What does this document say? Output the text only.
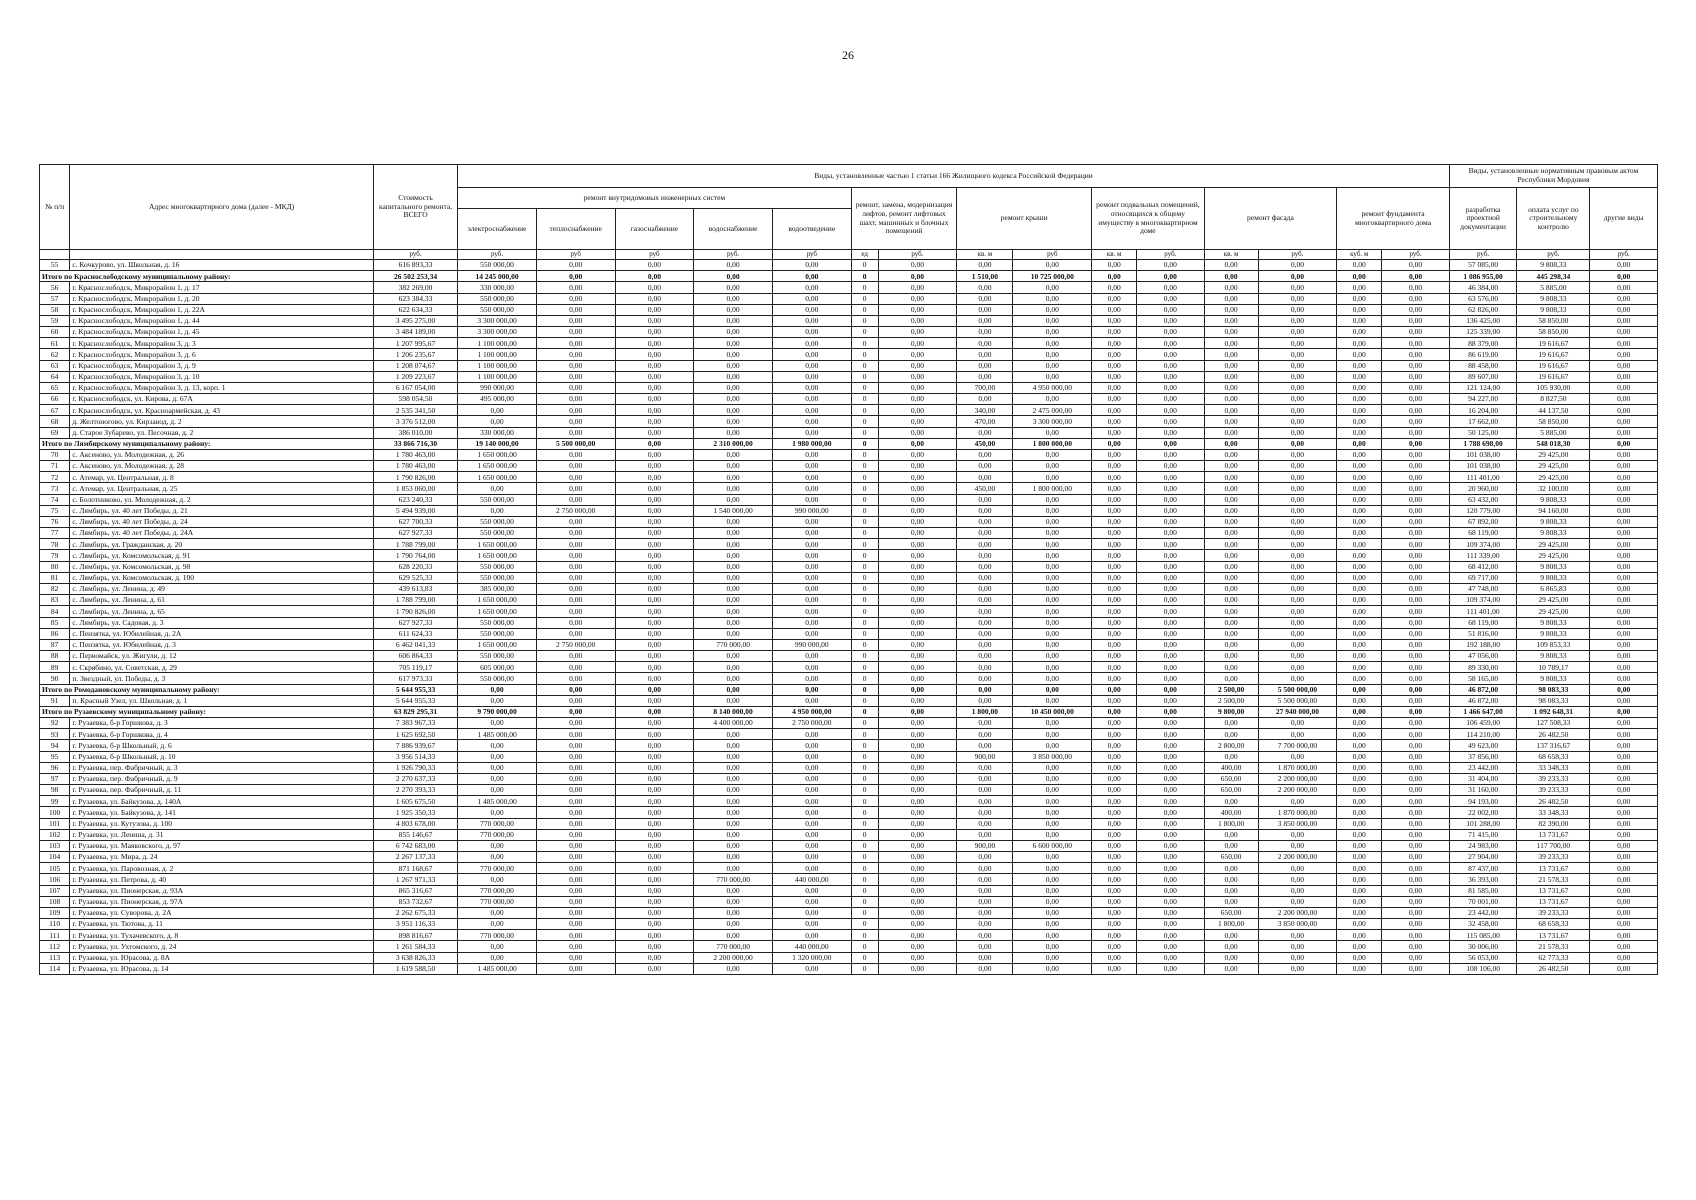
26
№ п/п	Адрес многоквартирного дома (далее - МКД)	Стоимость капитального ремонта, ВСЕГО	Виды, установленные частью 1 статьи 166 Жилищного кодекса Российской Федерации															Виды, установленные нормативным правовым актом Республики Мордовия		
			ремонт внутридомовых инженерных систем					ремонт, замена, модернизация лифтов, ремонт лифтовых шахт, машинных и блочных помещений		ремонт крыши		ремонт подвальных помещений, относящихся к общему имуществу в многоквартирном доме		ремонт фасада		ремонт фундамента многоквартирного дома		разработка проектной документации	оплата услуг по строительному контролю	другие виды
			электроснабжение	теплоснабжение	газоснабжение	водоснабжение	водоотведение													
		руб.	руб.	руб	руб	руб.	руб	ед	руб.	кв. м	руб	кв. м	руб.	кв. м	руб.	куб. м	руб.	руб.	руб.	руб.
55	с. Кочкурово, ул. Школьная, д. 16	616 893,33	550 000,00	0,00	0,00	0,00	0,00	0	0,00	0,00	0,00	0,00	0,00	0,00	0,00	0,00	0,00	57 085,00	9 808,33	0,00
Итого по Краснослободскому муниципальному району:		26 502 253,34	14 245 000,00	0,00	0,00	0,00	0,00	0	0,00	1 510,00	10 725 000,00	0,00	0,00	0,00	0,00	0,00	0,00	1 086 955,00	445 298,34	0,00
56	г. Краснослободск, Микрорайон 1, д. 17	382 269,00	330 000,00	0,00	0,00	0,00	0,00	0	0,00	0,00	0,00	0,00	0,00	0,00	0,00	0,00	0,00	46 384,00	5 885,00	0,00
57	г. Краснослободск, Микрорайон 1, д. 20	623 384,33	550 000,00	0,00	0,00	0,00	0,00	0	0,00	0,00	0,00	0,00	0,00	0,00	0,00	0,00	0,00	63 576,00	9 808,33	0,00
58	г. Краснослободск, Микрорайон 1, д. 22А	622 634,33	550 000,00	0,00	0,00	0,00	0,00	0	0,00	0,00	0,00	0,00	0,00	0,00	0,00	0,00	0,00	62 826,00	9 808,33	0,00
59	г. Краснослободск, Микрорайон 1, д. 44	3 495 275,00	3 300 000,00	0,00	0,00	0,00	0,00	0	0,00	0,00	0,00	0,00	0,00	0,00	0,00	0,00	0,00	136 425,00	58 850,00	0,00
60	г. Краснослободск, Микрорайон 1, д. 45	3 484 189,00	3 300 000,00	0,00	0,00	0,00	0,00	0	0,00	0,00	0,00	0,00	0,00	0,00	0,00	0,00	0,00	125 339,00	58 850,00	0,00
61	г. Краснослободск, Микрорайон 3, д. 3	1 207 995,67	1 100 000,00	0,00	0,00	0,00	0,00	0	0,00	0,00	0,00	0,00	0,00	0,00	0,00	0,00	0,00	88 379,00	19 616,67	0,00
62	г. Краснослободск, Микрорайон 3, д. 6	1 206 235,67	1 100 000,00	0,00	0,00	0,00	0,00	0	0,00	0,00	0,00	0,00	0,00	0,00	0,00	0,00	0,00	86 619,00	19 616,67	0,00
63	г. Краснослободск, Микрорайон 3, д. 9	1 208 074,67	1 100 000,00	0,00	0,00	0,00	0,00	0	0,00	0,00	0,00	0,00	0,00	0,00	0,00	0,00	0,00	88 458,00	19 616,67	0,00
64	г. Краснослободск, Микрорайон 3, д. 10	1 209 223,67	1 100 000,00	0,00	0,00	0,00	0,00	0	0,00	0,00	0,00	0,00	0,00	0,00	0,00	0,00	0,00	89 607,00	19 616,67	0,00
65	г. Краснослободск, Микрорайон 3, д. 13, корп. 1	6 167 054,00	990 000,00	0,00	0,00	0,00	0,00	0	0,00	700,00	4 950 000,00	0,00	0,00	0,00	0,00	0,00	0,00	121 124,00	105 930,00	0,00
66	г. Краснослободск, ул. Кирова, д. 67А	598 054,50	495 000,00	0,00	0,00	0,00	0,00	0	0,00	0,00	0,00	0,00	0,00	0,00	0,00	0,00	0,00	94 227,00	8 827,50	0,00
67	г. Краснослободск, ул. Красноармейская, д. 43	2 535 341,50	0,00	0,00	0,00	0,00	0,00	0	0,00	340,00	2 475 000,00	0,00	0,00	0,00	0,00	0,00	0,00	16 204,00	44 137,50	0,00
68	д. Желтоногово, ул. Кирзавод, д. 2	3 376 512,00	0,00	0,00	0,00	0,00	0,00	0	0,00	470,00	3 300 000,00	0,00	0,00	0,00	0,00	0,00	0,00	17 662,00	58 850,00	0,00
69	д. Старое Зубарево, ул. Песочная, д. 2	386 010,00	330 000,00	0,00	0,00	0,00	0,00	0	0,00	0,00	0,00	0,00	0,00	0,00	0,00	0,00	0,00	50 125,00	5 885,00	0,00
Итого по Лямбирскому муниципальному району:		33 866 716,30	19 140 000,00	5 500 000,00	0,00	2 310 000,00	1 980 000,00	0	0,00	450,00	1 800 000,00	0,00	0,00	0,00	0,00	0,00	0,00	1 788 698,00	548 018,30	0,00
70	с. Аксеново, ул. Молодежная, д. 26	1 780 463,00	1 650 000,00	0,00	0,00	0,00	0,00	0	0,00	0,00	0,00	0,00	0,00	0,00	0,00	0,00	0,00	101 038,00	29 425,00	0,00
71	с. Аксеново, ул. Молодежная, д. 28	1 780 463,00	1 650 000,00	0,00	0,00	0,00	0,00	0	0,00	0,00	0,00	0,00	0,00	0,00	0,00	0,00	0,00	101 038,00	29 425,00	0,00
72	с. Атемар, ул. Центральная, д. 8	1 790 826,00	1 650 000,00	0,00	0,00	0,00	0,00	0	0,00	0,00	0,00	0,00	0,00	0,00	0,00	0,00	0,00	111 401,00	29 425,00	0,00
73	с. Атемар, ул. Центральная, д. 25	1 853 060,00	0,00	0,00	0,00	0,00	0,00	0	0,00	450,00	1 800 000,00	0,00	0,00	0,00	0,00	0,00	0,00	20 960,00	32 100,00	0,00
74	с. Болотниково, ул. Молодежная, д. 2	623 240,33	550 000,00	0,00	0,00	0,00	0,00	0	0,00	0,00	0,00	0,00	0,00	0,00	0,00	0,00	0,00	63 432,00	9 808,33	0,00
75	с. Лямбирь, ул. 40 лет Победы, д. 21	5 494 939,00	0,00	2 750 000,00	0,00	1 540 000,00	990 000,00	0	0,00	0,00	0,00	0,00	0,00	0,00	0,00	0,00	0,00	120 779,00	94 160,00	0,00
76	с. Лямбирь, ул. 40 лет Победы, д. 24	627 700,33	550 000,00	0,00	0,00	0,00	0,00	0	0,00	0,00	0,00	0,00	0,00	0,00	0,00	0,00	0,00	67 892,00	9 808,33	0,00
77	с. Лямбирь, ул. 40 лет Победы, д. 24А	627 927,33	550 000,00	0,00	0,00	0,00	0,00	0	0,00	0,00	0,00	0,00	0,00	0,00	0,00	0,00	0,00	68 119,00	9 808,33	0,00
78	с. Лямбирь, ул. Гражданская, д. 20	1 788 799,00	1 650 000,00	0,00	0,00	0,00	0,00	0	0,00	0,00	0,00	0,00	0,00	0,00	0,00	0,00	0,00	109 374,00	29 425,00	0,00
79	с. Лямбирь, ул. Комсомольская, д. 91	1 790 764,00	1 650 000,00	0,00	0,00	0,00	0,00	0	0,00	0,00	0,00	0,00	0,00	0,00	0,00	0,00	0,00	111 339,00	29 425,00	0,00
80	с. Лямбирь, ул. Комсомольская, д. 98	628 220,33	550 000,00	0,00	0,00	0,00	0,00	0	0,00	0,00	0,00	0,00	0,00	0,00	0,00	0,00	0,00	68 412,00	9 808,33	0,00
81	с. Лямбирь, ул. Комсомольская, д. 100	629 525,33	550 000,00	0,00	0,00	0,00	0,00	0	0,00	0,00	0,00	0,00	0,00	0,00	0,00	0,00	0,00	69 717,00	9 808,33	0,00
82	с. Лямбирь, ул. Ленина, д. 49	439 613,83	385 000,00	0,00	0,00	0,00	0,00	0	0,00	0,00	0,00	0,00	0,00	0,00	0,00	0,00	0,00	47 748,00	6 865,83	0,00
83	с. Лямбирь, ул. Ленина, д. 61	1 788 799,00	1 650 000,00	0,00	0,00	0,00	0,00	0	0,00	0,00	0,00	0,00	0,00	0,00	0,00	0,00	0,00	109 374,00	29 425,00	0,00
84	с. Лямбирь, ул. Ленина, д. 65	1 790 826,00	1 650 000,00	0,00	0,00	0,00	0,00	0	0,00	0,00	0,00	0,00	0,00	0,00	0,00	0,00	0,00	111 401,00	29 425,00	0,00
85	с. Лямбирь, ул. Садовая, д. 3	627 927,33	550 000,00	0,00	0,00	0,00	0,00	0	0,00	0,00	0,00	0,00	0,00	0,00	0,00	0,00	0,00	68 119,00	9 808,33	0,00
86	с. Пензятка, ул. Юбилейная, д. 2А	611 624,33	550 000,00	0,00	0,00	0,00	0,00	0	0,00	0,00	0,00	0,00	0,00	0,00	0,00	0,00	0,00	51 816,00	9 808,33	0,00
87	с. Пензятка, ул. Юбилейная, д. 3	6 462 041,33	1 650 000,00	2 750 000,00	0,00	770 000,00	990 000,00	0	0,00	0,00	0,00	0,00	0,00	0,00	0,00	0,00	0,00	192 188,00	109 853,33	0,00
88	с. Первомайск, ул. Жигули, д. 12	606 864,33	550 000,00	0,00	0,00	0,00	0,00	0	0,00	0,00	0,00	0,00	0,00	0,00	0,00	0,00	0,00	47 056,00	9 808,33	0,00
89	с. Скрябино, ул. Советская, д. 29	705 119,17	605 000,00	0,00	0,00	0,00	0,00	0	0,00	0,00	0,00	0,00	0,00	0,00	0,00	0,00	0,00	89 330,00	10 789,17	0,00
90	п. Звездный, ул. Победы, д. 3	617 973,33	550 000,00	0,00	0,00	0,00	0,00	0	0,00	0,00	0,00	0,00	0,00	0,00	0,00	0,00	0,00	58 165,00	9 808,33	0,00
Итого по Ромодановскому муниципальному району:		5 644 955,33	0,00	0,00	0,00	0,00	0,00	0	0,00	0,00	0,00	0,00	0,00	2 500,00	5 500 000,00	0,00	0,00	46 872,00	98 083,33	0,00
91	п. Красный Узел, ул. Школьная, д. 1	5 644 955,33	0,00	0,00	0,00	0,00	0,00	0	0,00	0,00	0,00	0,00	0,00	2 500,00	5 500 000,00	0,00	0,00	46 872,00	98 083,33	0,00
Итого по Рузаевскому муниципальному району:		63 829 295,31	9 790 000,00	0,00	0,00	8 140 000,00	4 950 000,00	0	0,00	1 800,00	10 450 000,00	0,00	0,00	9 800,00	27 940 000,00	0,00	0,00	1 466 647,00	1 092 648,31	0,00
92	г. Рузаевка, б-р Горшкова, д. 3	7 383 967,33	0,00	0,00	0,00	4 400 000,00	2 750 000,00	0	0,00	0,00	0,00	0,00	0,00	0,00	0,00	0,00	0,00	106 459,00	127 508,33	0,00
93	г. Рузаевка, б-р Горшкова, д. 4	1 625 692,50	1 485 000,00	0,00	0,00	0,00	0,00	0	0,00	0,00	0,00	0,00	0,00	0,00	0,00	0,00	0,00	114 210,00	26 482,50	0,00
94	г. Рузаевка, б-р Школьный, д. 6	7 886 939,67	0,00	0,00	0,00	0,00	0,00	0	0,00	0,00	0,00	0,00	0,00	2 800,00	7 700 000,00	0,00	0,00	49 623,00	137 316,67	0,00
95	г. Рузаевка, б-р Школьный, д. 10	3 956 514,33	0,00	0,00	0,00	0,00	0,00	0	0,00	900,00	3 850 000,00	0,00	0,00	0,00	0,00	0,00	0,00	37 856,00	68 658,33	0,00
96	г. Рузаевка, пер. Фабричный, д. 3	1 926 790,33	0,00	0,00	0,00	0,00	0,00	0	0,00	0,00	0,00	0,00	0,00	400,00	1 870 000,00	0,00	0,00	23 442,00	33 348,33	0,00
97	г. Рузаевка, пер. Фабричный, д. 9	2 270 637,33	0,00	0,00	0,00	0,00	0,00	0	0,00	0,00	0,00	0,00	0,00	650,00	2 200 000,00	0,00	0,00	31 404,00	39 233,33	0,00
98	г. Рузаевка, пер. Фабричный, д. 11	2 270 393,33	0,00	0,00	0,00	0,00	0,00	0	0,00	0,00	0,00	0,00	0,00	650,00	2 200 000,00	0,00	0,00	31 160,00	39 233,33	0,00
99	г. Рузаевка, ул. Байкузова, д. 140А	1 605 675,50	1 485 000,00	0,00	0,00	0,00	0,00	0	0,00	0,00	0,00	0,00	0,00	0,00	0,00	0,00	0,00	94 193,00	26 482,50	0,00
100	г. Рузаевка, ул. Байкузова, д. 141	1 925 350,33	0,00	0,00	0,00	0,00	0,00	0	0,00	0,00	0,00	0,00	0,00	400,00	1 870 000,00	0,00	0,00	22 002,00	33 348,33	0,00
101	г. Рузаевка, ул. Кутузова, д. 100	4 803 678,00	770 000,00	0,00	0,00	0,00	0,00	0	0,00	0,00	0,00	0,00	0,00	1 800,00	3 850 000,00	0,00	0,00	101 288,00	82 390,00	0,00
102	г. Рузаевка, ул. Ленина, д. 31	855 146,67	770 000,00	0,00	0,00	0,00	0,00	0	0,00	0,00	0,00	0,00	0,00	0,00	0,00	0,00	0,00	71 415,00	13 731,67	0,00
103	г. Рузаевка, ул. Маяковского, д. 97	6 742 683,00	0,00	0,00	0,00	0,00	0,00	0	0,00	900,00	6 600 000,00	0,00	0,00	0,00	0,00	0,00	0,00	24 983,00	117 700,00	0,00
104	г. Рузаевка, ул. Мира, д. 24	2 267 137,33	0,00	0,00	0,00	0,00	0,00	0	0,00	0,00	0,00	0,00	0,00	650,00	2 200 000,00	0,00	0,00	27 904,00	39 233,33	0,00
105	г. Рузаевка, ул. Паровозная, д. 2	871 168,67	770 000,00	0,00	0,00	0,00	0,00	0	0,00	0,00	0,00	0,00	0,00	0,00	0,00	0,00	0,00	87 437,00	13 731,67	0,00
106	г. Рузаевка, ул. Петрова, д. 40	1 267 971,33	0,00	0,00	0,00	770 000,00	440 000,00	0	0,00	0,00	0,00	0,00	0,00	0,00	0,00	0,00	0,00	36 393,00	21 578,33	0,00
107	г. Рузаевка, ул. Пионерская, д. 93А	865 316,67	770 000,00	0,00	0,00	0,00	0,00	0	0,00	0,00	0,00	0,00	0,00	0,00	0,00	0,00	0,00	81 585,00	13 731,67	0,00
108	г. Рузаевка, ул. Пионерская, д. 97А	853 732,67	770 000,00	0,00	0,00	0,00	0,00	0	0,00	0,00	0,00	0,00	0,00	0,00	0,00	0,00	0,00	70 001,00	13 731,67	0,00
109	г. Рузаевка, ул. Суворова, д. 2А	2 262 675,33	0,00	0,00	0,00	0,00	0,00	0	0,00	0,00	0,00	0,00	0,00	650,00	2 200 000,00	0,00	0,00	23 442,00	39 233,33	0,00
110	г. Рузаевка, ул. Тютова, д. 11	3 951 116,33	0,00	0,00	0,00	0,00	0,00	0	0,00	0,00	0,00	0,00	0,00	1 800,00	3 850 000,00	0,00	0,00	32 458,00	68 658,33	0,00
111	г. Рузаевка, ул. Тухачевского, д. 8	898 816,67	770 000,00	0,00	0,00	0,00	0,00	0	0,00	0,00	0,00	0,00	0,00	0,00	0,00	0,00	0,00	115 085,00	13 731,67	0,00
112	г. Рузаевка, ул. Ухтомского, д. 24	1 261 584,33	0,00	0,00	0,00	770 000,00	440 000,00	0	0,00	0,00	0,00	0,00	0,00	0,00	0,00	0,00	0,00	30 006,00	21 578,33	0,00
113	г. Рузаевка, ул. Юрасова, д. 8А	3 638 826,33	0,00	0,00	0,00	2 200 000,00	1 320 000,00	0	0,00	0,00	0,00	0,00	0,00	0,00	0,00	0,00	0,00	56 053,00	62 773,33	0,00
114	г. Рузаевка, ул. Юрасова, д. 14	1 619 588,50	1 485 000,00	0,00	0,00	0,00	0,00	0	0,00	0,00	0,00	0,00	0,00	0,00	0,00	0,00	0,00	108 106,00	26 482,50	0,00
